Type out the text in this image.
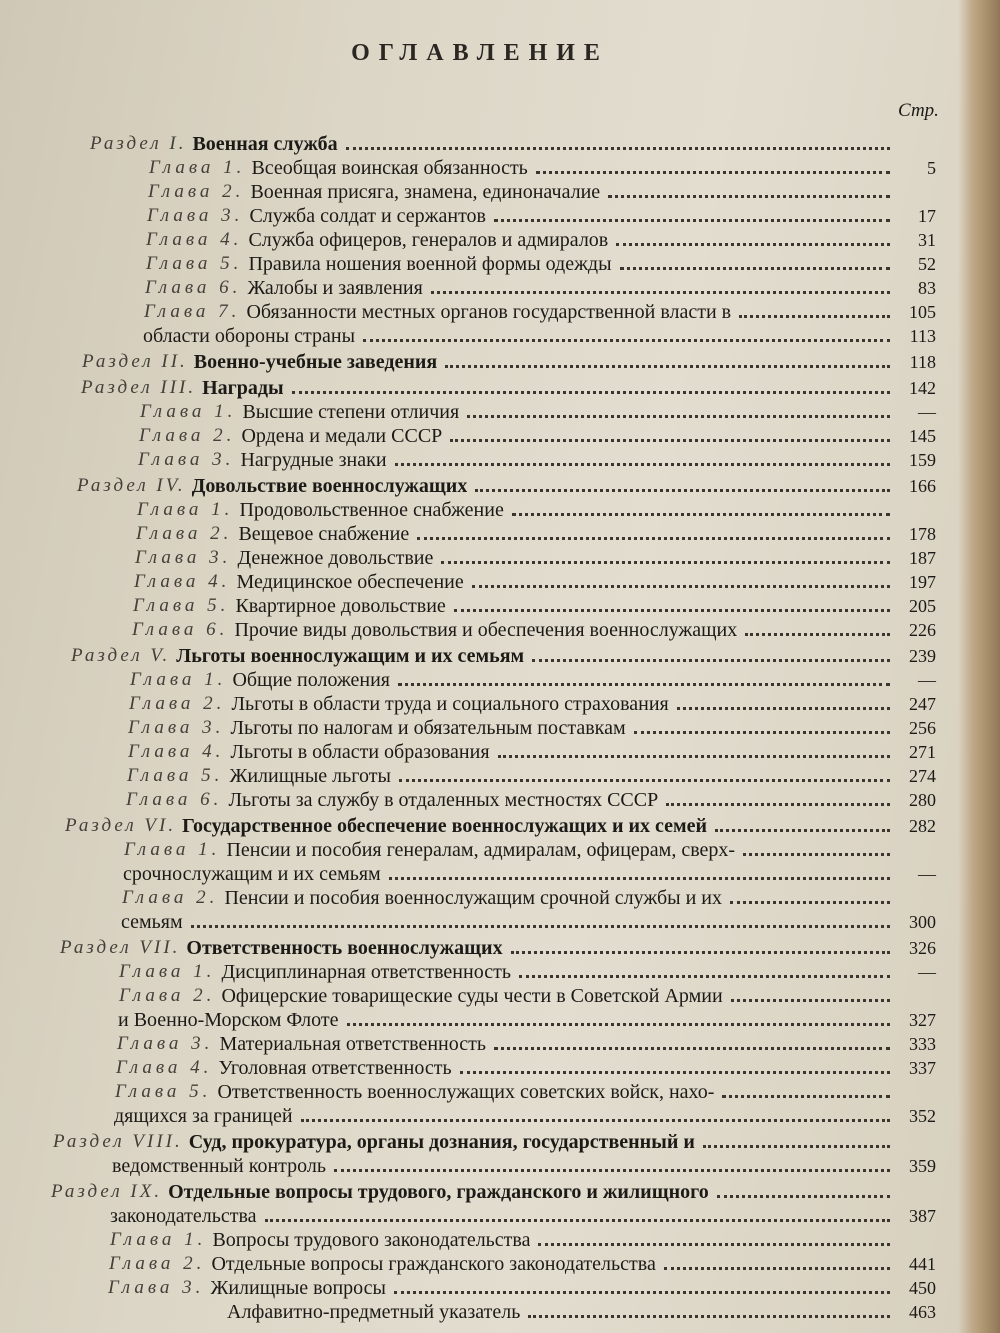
ОГЛАВЛЕНИЕ
Стр.
Раздел I. Военная служба
Глава 1. Всеобщая воинская обязанность	5
Глава 2. Военная присяга, знамена, единоначалие
Глава 3. Служба солдат и сержантов	17
Глава 4. Служба офицеров, генералов и адмиралов	31
Глава 5. Правила ношения военной формы одежды	52
Глава 6. Жалобы и заявления	83
Глава 7. Обязанности местных органов государственной власти в	105
области обороны страны	113
Раздел II. Военно-учебные заведения	118
Раздел III. Награды	142
Глава 1. Высшие степени отличия	—
Глава 2. Ордена и медали СССР	145
Глава 3. Нагрудные знаки	159
Раздел IV. Довольствие военнослужащих	166
Глава 1. Продовольственное снабжение
Глава 2. Вещевое снабжение	178
Глава 3. Денежное довольствие	187
Глава 4. Медицинское обеспечение	197
Глава 5. Квартирное довольствие	205
Глава 6. Прочие виды довольствия и обеспечения военнослужащих	226
Раздел V. Льготы военнослужащим и их семьям	239
Глава 1. Общие положения	—
Глава 2. Льготы в области труда и социального страхования	247
Глава 3. Льготы по налогам и обязательным поставкам	256
Глава 4. Льготы в области образования	271
Глава 5. Жилищные льготы	274
Глава 6. Льготы за службу в отдаленных местностях СССР	280
Раздел VI. Государственное обеспечение военнослужащих и их семей	282
Глава 1. Пенсии и пособия генералам, адмиралам, офицерам, сверх-
срочнослужащим и их семьям	—
Глава 2. Пенсии и пособия военнослужащим срочной службы и их
семьям	300
Раздел VII. Ответственность военнослужащих	326
Глава 1. Дисциплинарная ответственность	—
Глава 2. Офицерские товарищеские суды чести в Советской Армии
и Военно-Морском Флоте	327
Глава 3. Материальная ответственность	333
Глава 4. Уголовная ответственность	337
Глава 5. Ответственность военнослужащих советских войск, нахо-
дящихся за границей	352
Раздел VIII. Суд, прокуратура, органы дознания, государственный и
ведомственный контроль	359
Раздел IX. Отдельные вопросы трудового, гражданского и жилищного
законодательства	387
Глава 1. Вопросы трудового законодательства
Глава 2. Отдельные вопросы гражданского законодательства	441
Глава 3. Жилищные вопросы	450
Алфавитно-предметный указатель	463
